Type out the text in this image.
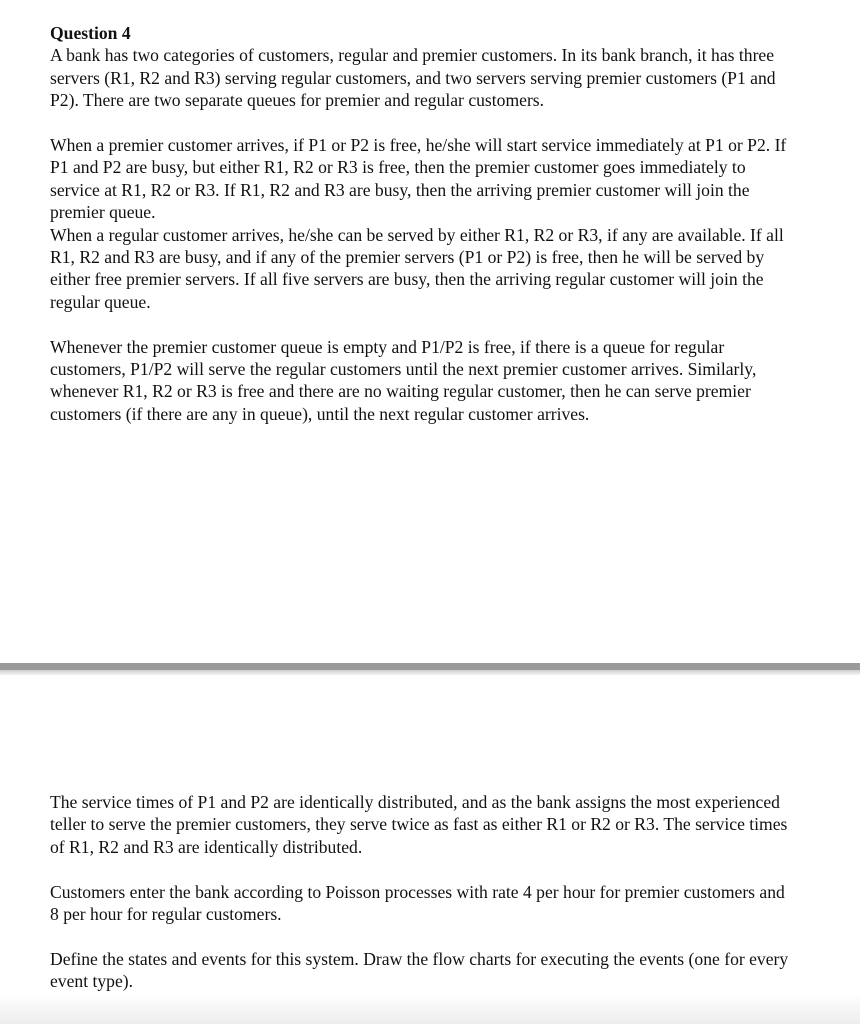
Question 4

A bank has two categories of customers, regular and premier customers. In its bank branch, it has three servers (R1, R2 and R3) serving regular customers, and two servers serving premier customers (P1 and P2). There are two separate queues for premier and regular customers.

When a premier customer arrives, if P1 or P2 is free, he/she will start service immediately at P1 or P2. If P1 and P2 are busy, but either R1, R2 or R3 is free, then the premier customer goes immediately to service at R1, R2 or R3. If R1, R2 and R3 are busy, then the arriving premier customer will join the premier queue.

When a regular customer arrives, he/she can be served by either R1, R2 or R3, if any are available. If all R1, R2 and R3 are busy, and if any of the premier servers (P1 or P2) is free, then he will be served by either free premier servers. If all five servers are busy, then the arriving regular customer will join the regular queue.

Whenever the premier customer queue is empty and P1/P2 is free, if there is a queue for regular customers, P1/P2 will serve the regular customers until the next premier customer arrives. Similarly, whenever R1, R2 or R3 is free and there are no waiting regular customer, then he can serve premier customers (if there are any in queue), until the next regular customer arrives.

The service times of P1 and P2 are identically distributed, and as the bank assigns the most experienced teller to serve the premier customers, they serve twice as fast as either R1 or R2 or R3. The service times of R1, R2 and R3 are identically distributed.

Customers enter the bank according to Poisson processes with rate 4 per hour for premier customers and 8 per hour for regular customers.

Define the states and events for this system. Draw the flow charts for executing the events (one for every event type).
